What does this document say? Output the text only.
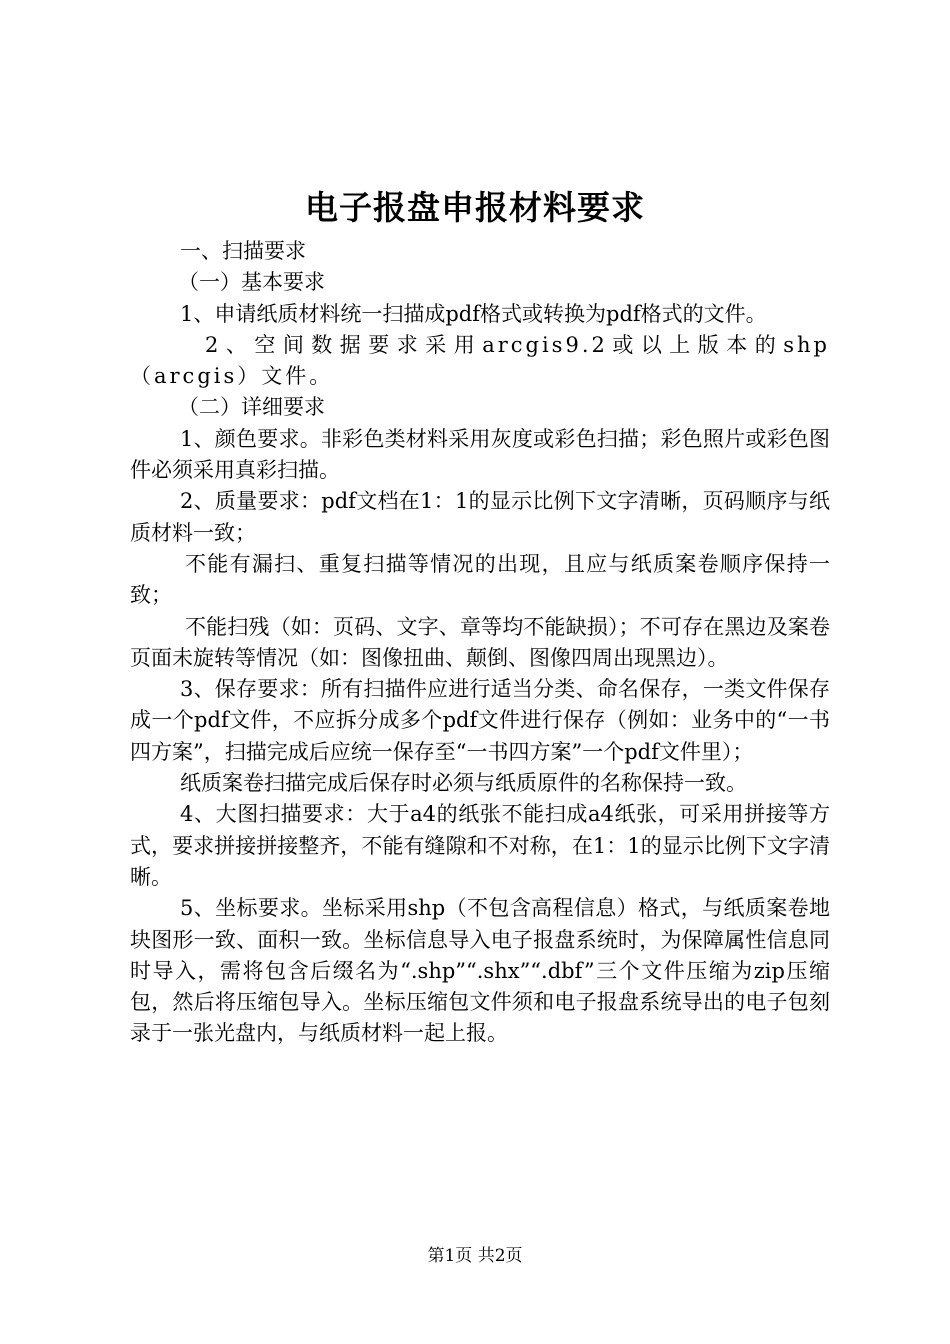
电子报盘申报材料要求

一、扫描要求

（一）基本要求

1、申请纸质材料统一扫描成pdf格式或转换为pdf格式的文件。

2、空间数据要求采用arcgis9.2或以上版本的shp（arcgis）文件。

（二）详细要求

1、颜色要求。非彩色类材料采用灰度或彩色扫描；彩色照片或彩色图件必须采用真彩扫描。

2、质量要求：pdf文档在1：1的显示比例下文字清晰，页码顺序与纸质材料一致；

不能有漏扫、重复扫描等情况的出现，且应与纸质案卷顺序保持一致；

不能扫残（如：页码、文字、章等均不能缺损）；不可存在黑边及案卷页面未旋转等情况（如：图像扭曲、颠倒、图像四周出现黑边）。

3、保存要求：所有扫描件应进行适当分类、命名保存，一类文件保存成一个pdf文件，不应拆分成多个pdf文件进行保存（例如：业务中的“一书四方案”，扫描完成后应统一保存至“一书四方案”一个pdf文件里）；

纸质案卷扫描完成后保存时必须与纸质原件的名称保持一致。

4、大图扫描要求：大于a4的纸张不能扫成a4纸张，可采用拼接等方式，要求拼接拼接整齐，不能有缝隙和不对称，在1：1的显示比例下文字清晰。

5、坐标要求。坐标采用shp（不包含高程信息）格式，与纸质案卷地块图形一致、面积一致。坐标信息导入电子报盘系统时，为保障属性信息同时导入，需将包含后缀名为“.shp”“.shx”“.dbf”三个文件压缩为zip压缩包，然后将压缩包导入。坐标压缩包文件须和电子报盘系统导出的电子包刻录于一张光盘内，与纸质材料一起上报。

第1页 共2页
